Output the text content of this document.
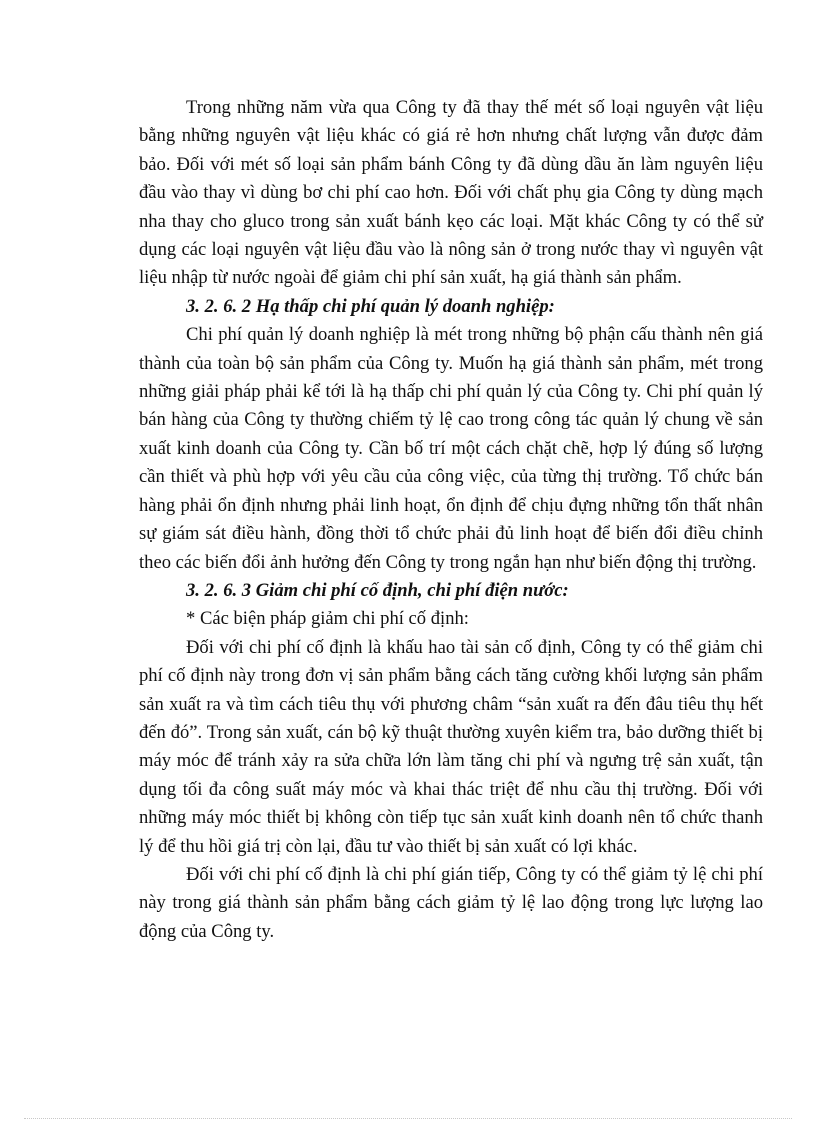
Trong những năm vừa qua Công ty đã thay thế mét số loại nguyên vật liệu bằng những nguyên vật liệu khác có giá rẻ hơn nhưng chất lượng vẫn được đảm bảo. Đối với mét số loại sản phẩm bánh Công ty đã dùng dầu ăn làm nguyên liệu đầu vào thay vì dùng bơ chi phí cao hơn. Đối với chất phụ gia Công ty dùng mạch nha thay cho gluco trong sản xuất bánh kẹo các loại. Mặt khác Công ty có thể sử dụng các loại nguyên vật liệu đầu vào là nông sản ở trong nước thay vì nguyên vật liệu nhập từ nước ngoài để giảm chi phí sản xuất, hạ giá thành sản phẩm.

3. 2. 6. 2 Hạ thấp chi phí quản lý doanh nghiệp:

Chi phí quản lý doanh nghiệp là mét trong những bộ phận cấu thành nên giá thành của toàn bộ sản phẩm của Công ty. Muốn hạ giá thành sản phẩm, mét trong những giải pháp phải kể tới là hạ thấp chi phí quản lý của Công ty. Chi phí quản lý bán hàng của Công ty thường chiếm tỷ lệ cao trong công tác quản lý chung về sản xuất kinh doanh của Công ty. Cần bố trí một cách chặt chẽ, hợp lý đúng số lượng cần thiết và phù hợp với yêu cầu của công việc, của từng thị trường. Tổ chức bán hàng phải ổn định nhưng phải linh hoạt, ổn định để chịu đựng những tổn thất nhân sự giám sát điều hành, đồng thời tổ chức phải đủ linh hoạt để biến đổi điều chỉnh theo các biến đổi ảnh hưởng đến Công ty trong ngắn hạn như biến động thị trường.

3. 2. 6. 3 Giảm chi phí cố định, chi phí điện nước:

* Các biện pháp giảm chi phí cố định:

Đối với chi phí cố định là khấu hao tài sản cố định, Công ty có thể giảm chi phí cố định này trong đơn vị sản phẩm bằng cách tăng cường khối lượng sản phẩm sản xuất ra và tìm cách tiêu thụ với phương châm “sản xuất ra đến đâu tiêu thụ hết đến đó”. Trong sản xuất, cán bộ kỹ thuật thường xuyên kiểm tra, bảo dưỡng thiết bị máy móc để tránh xảy ra sửa chữa lớn làm tăng chi phí và ngưng trệ sản xuất, tận dụng tối đa công suất máy móc và khai thác triệt để nhu cầu thị trường. Đối với những máy móc thiết bị không còn tiếp tục sản xuất kinh doanh nên tổ chức thanh lý để thu hồi giá trị còn lại, đầu tư vào thiết bị sản xuất có lợi khác.

Đối với chi phí cố định là chi phí gián tiếp, Công ty có thể giảm tỷ lệ chi phí này trong giá thành sản phẩm bằng cách giảm tỷ lệ lao động trong lực lượng lao động của Công ty.
